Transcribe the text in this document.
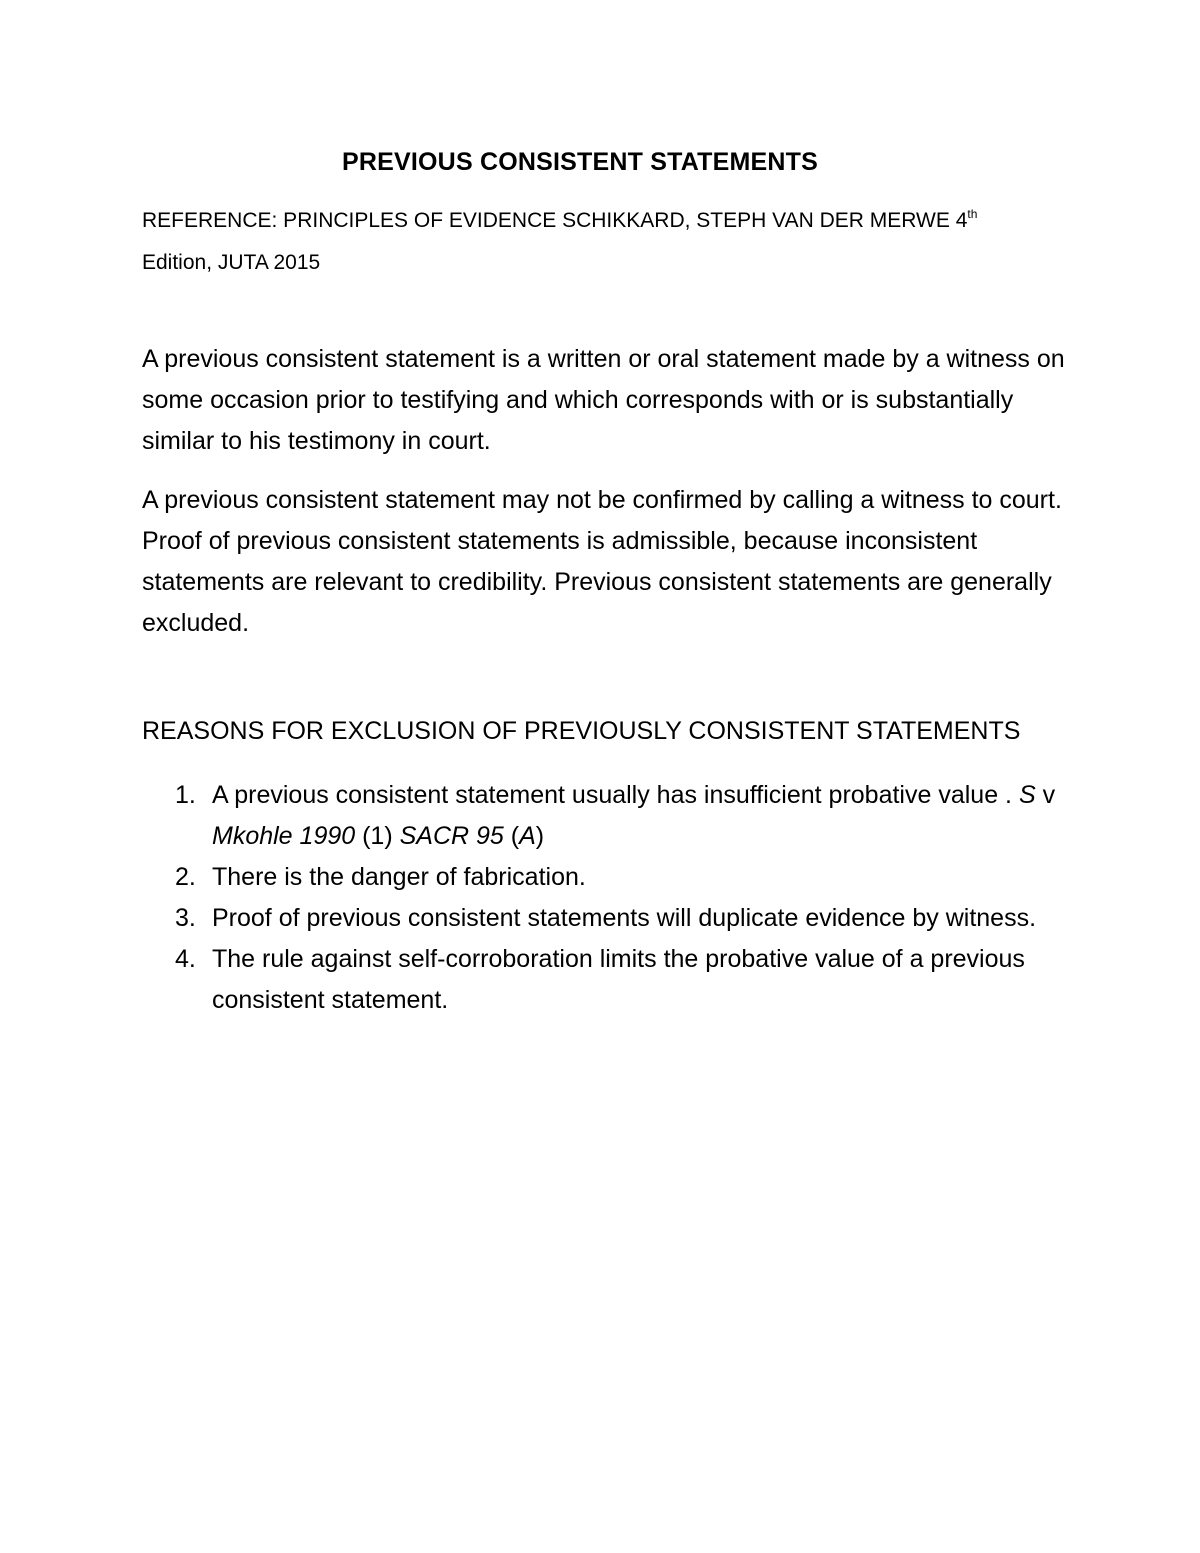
PREVIOUS CONSISTENT STATEMENTS

REFERENCE: PRINCIPLES OF EVIDENCE SCHIKKARD, STEPH VAN DER MERWE 4th
Edition, JUTA 2015

A previous consistent statement is a written or oral statement made by a witness on some occasion prior to testifying and which corresponds with or is substantially similar to his testimony in court.

A previous consistent statement may not be confirmed by calling a witness to court. Proof of previous consistent statements is admissible, because inconsistent statements are relevant to credibility. Previous consistent statements are generally excluded.

REASONS FOR EXCLUSION OF PREVIOUSLY CONSISTENT STATEMENTS
1. A previous consistent statement usually has insufficient probative value . S v Mkohle 1990 (1) SACR 95 (A)
2. There is the danger of fabrication.
3. Proof of previous consistent statements will duplicate evidence by witness.
4. The rule against self-corroboration limits the probative value of a previous consistent statement.
